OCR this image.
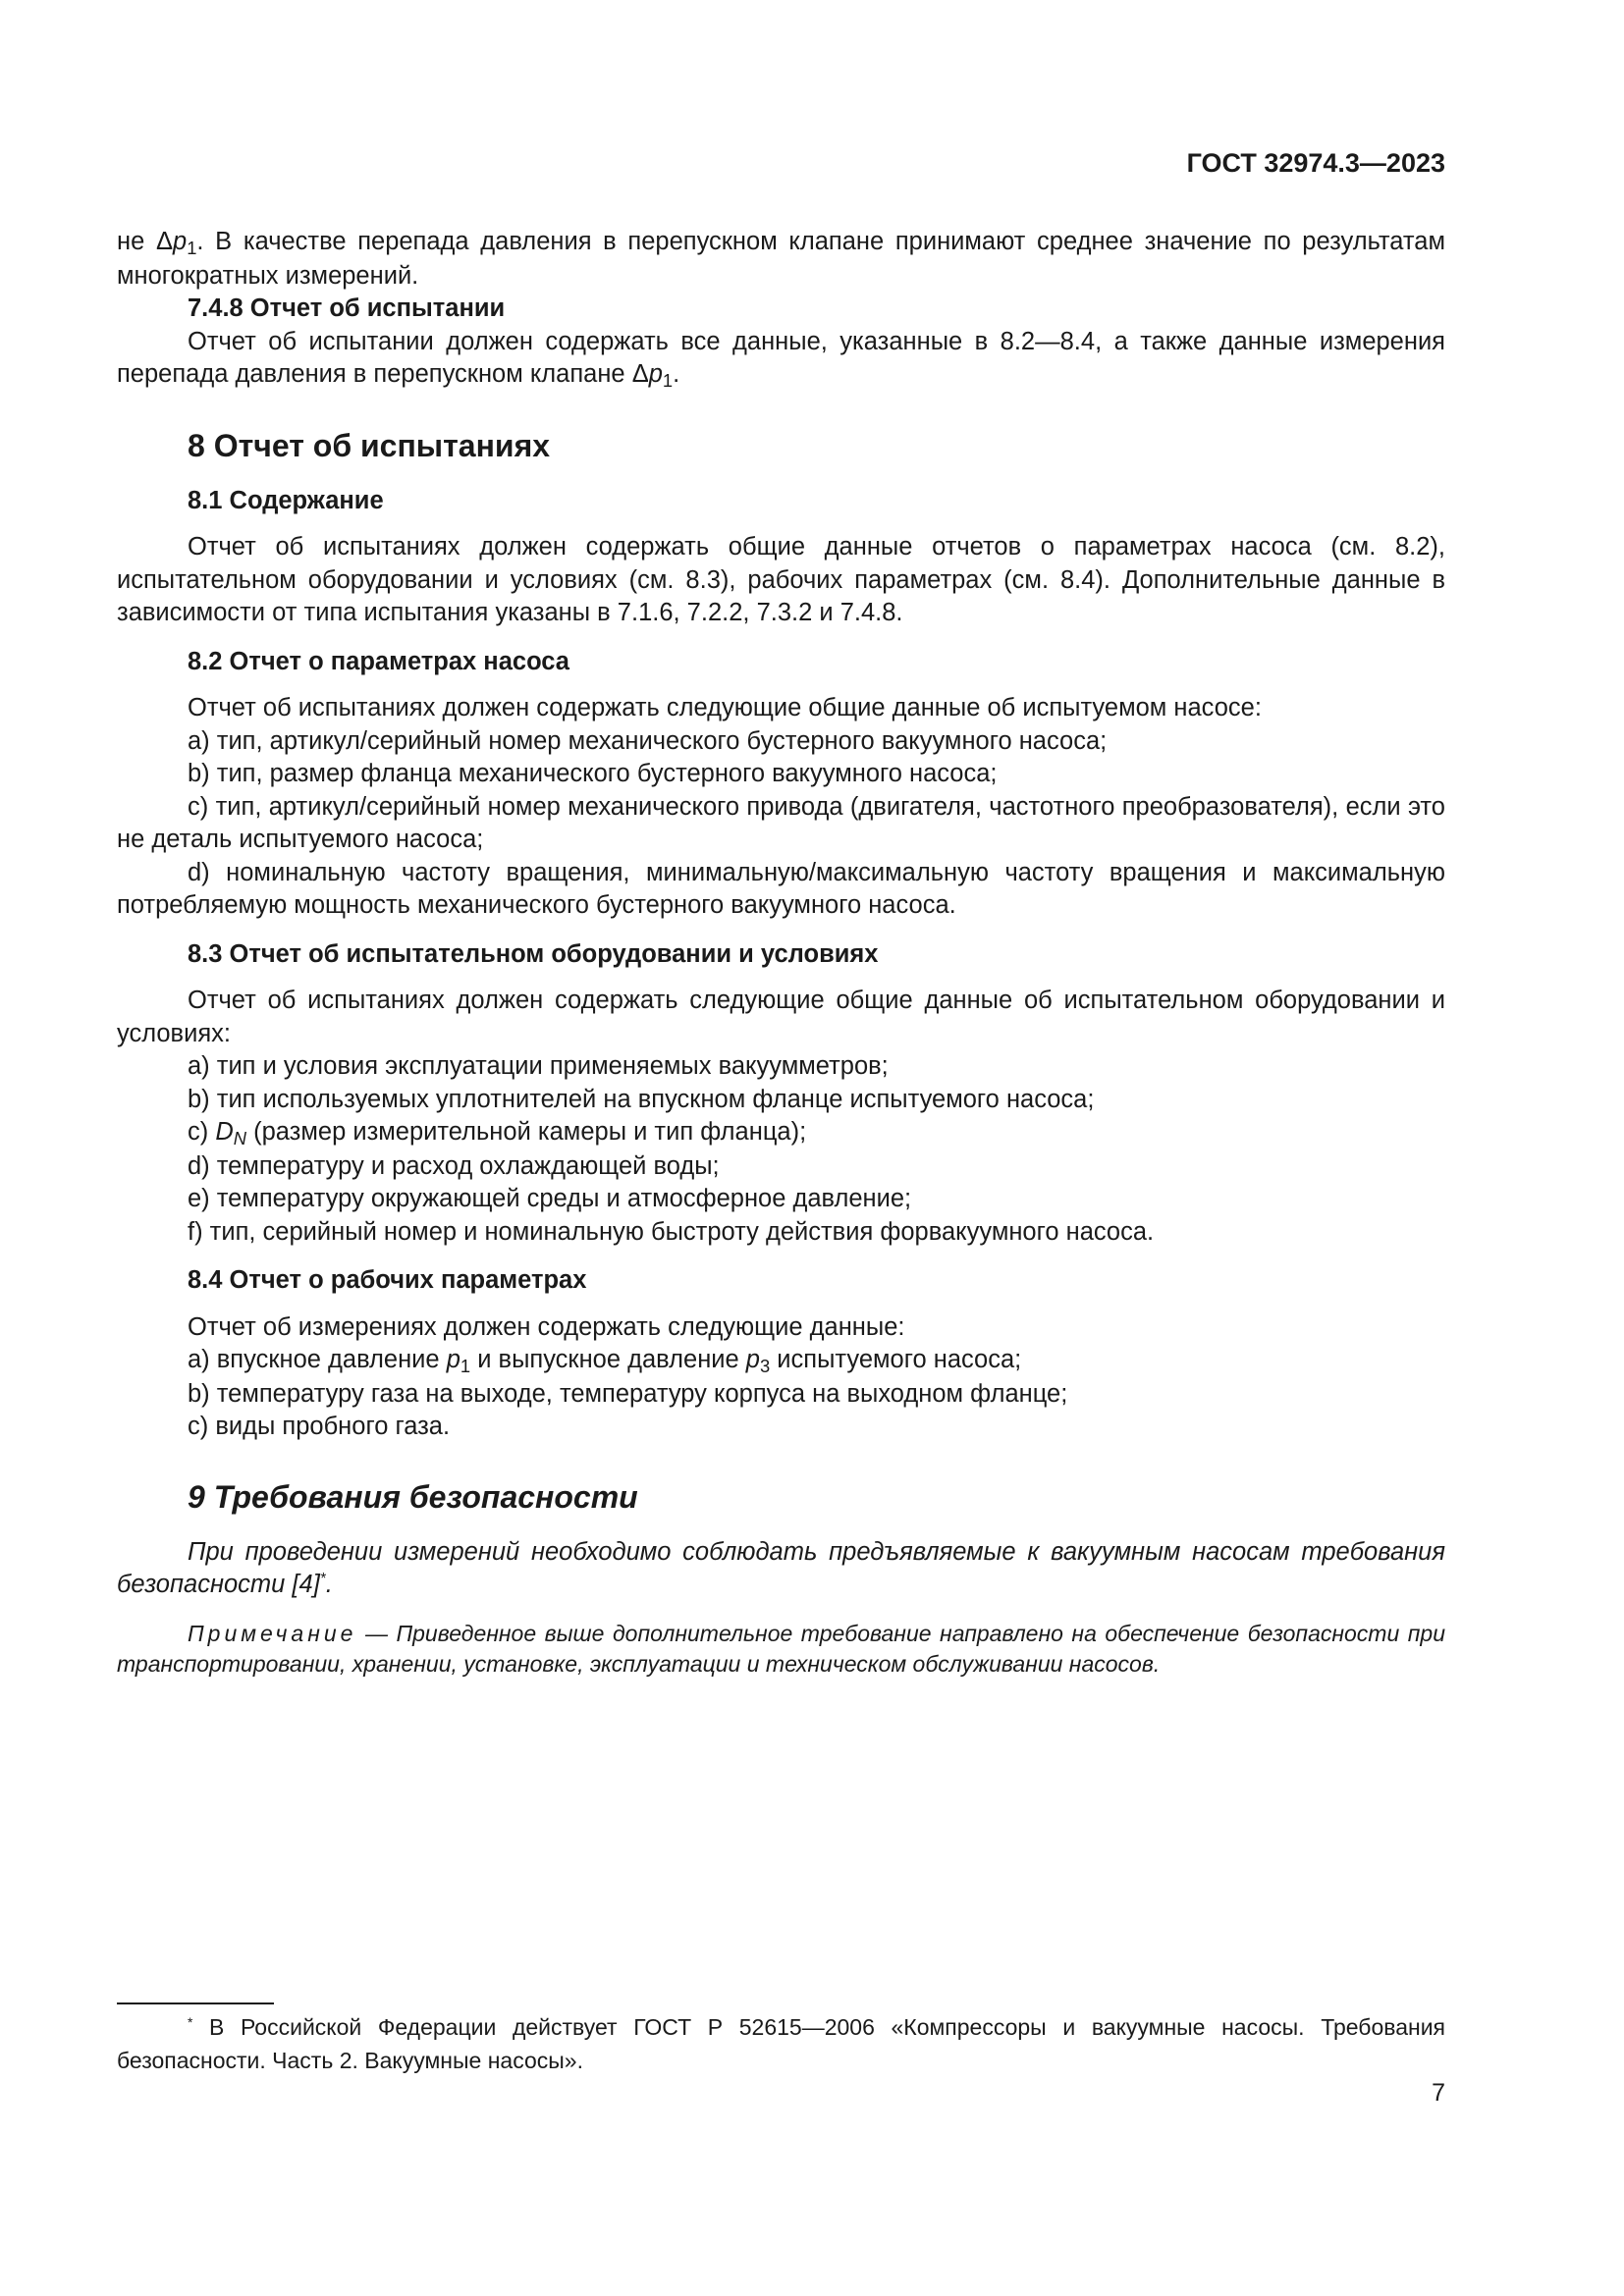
ГОСТ 32974.3—2023

не $\Delta p_1$. В качестве перепада давления в перепускном клапане принимают среднее значение по результатам многократных измерений.

7.4.8 Отчет об испытании

Отчет об испытании должен содержать все данные, указанные в 8.2—8.4, а также данные измерения перепада давления в перепускном клапане $\Delta p_1$.

8 Отчет об испытаниях

8.1 Содержание

Отчет об испытаниях должен содержать общие данные отчетов о параметрах насоса (см. 8.2), испытательном оборудовании и условиях (см. 8.3), рабочих параметрах (см. 8.4). Дополнительные данные в зависимости от типа испытания указаны в 7.1.6, 7.2.2, 7.3.2 и 7.4.8.

8.2 Отчет о параметрах насоса

Отчет об испытаниях должен содержать следующие общие данные об испытуемом насосе:

a) тип, артикул/серийный номер механического бустерного вакуумного насоса;

b) тип, размер фланца механического бустерного вакуумного насоса;

c) тип, артикул/серийный номер механического привода (двигателя, частотного преобразователя), если это не деталь испытуемого насоса;

d) номинальную частоту вращения, минимальную/максимальную частоту вращения и максимальную потребляемую мощность механического бустерного вакуумного насоса.

8.3 Отчет об испытательном оборудовании и условиях

Отчет об испытаниях должен содержать следующие общие данные об испытательном оборудовании и условиях:

a) тип и условия эксплуатации применяемых вакуумметров;

b) тип используемых уплотнителей на впускном фланце испытуемого насоса;

c) $D_N$ (размер измерительной камеры и тип фланца);

d) температуру и расход охлаждающей воды;

e) температуру окружающей среды и атмосферное давление;

f) тип, серийный номер и номинальную быстроту действия форвакуумного насоса.

8.4 Отчет о рабочих параметрах

Отчет об измерениях должен содержать следующие данные:

a) впускное давление $p_1$ и выпускное давление $p_3$ испытуемого насоса;

b) температуру газа на выходе, температуру корпуса на выходном фланце;

c) виды пробного газа.

9 Требования безопасности

При проведении измерений необходимо соблюдать предъявляемые к вакуумным насосам требования безопасности [4]*.

Примечание — Приведенное выше дополнительное требование направлено на обеспечение безопасности при транспортировании, хранении, установке, эксплуатации и техническом обслуживании насосов.

* В Российской Федерации действует ГОСТ Р 52615—2006 «Компрессоры и вакуумные насосы. Требования безопасности. Часть 2. Вакуумные насосы».
7
